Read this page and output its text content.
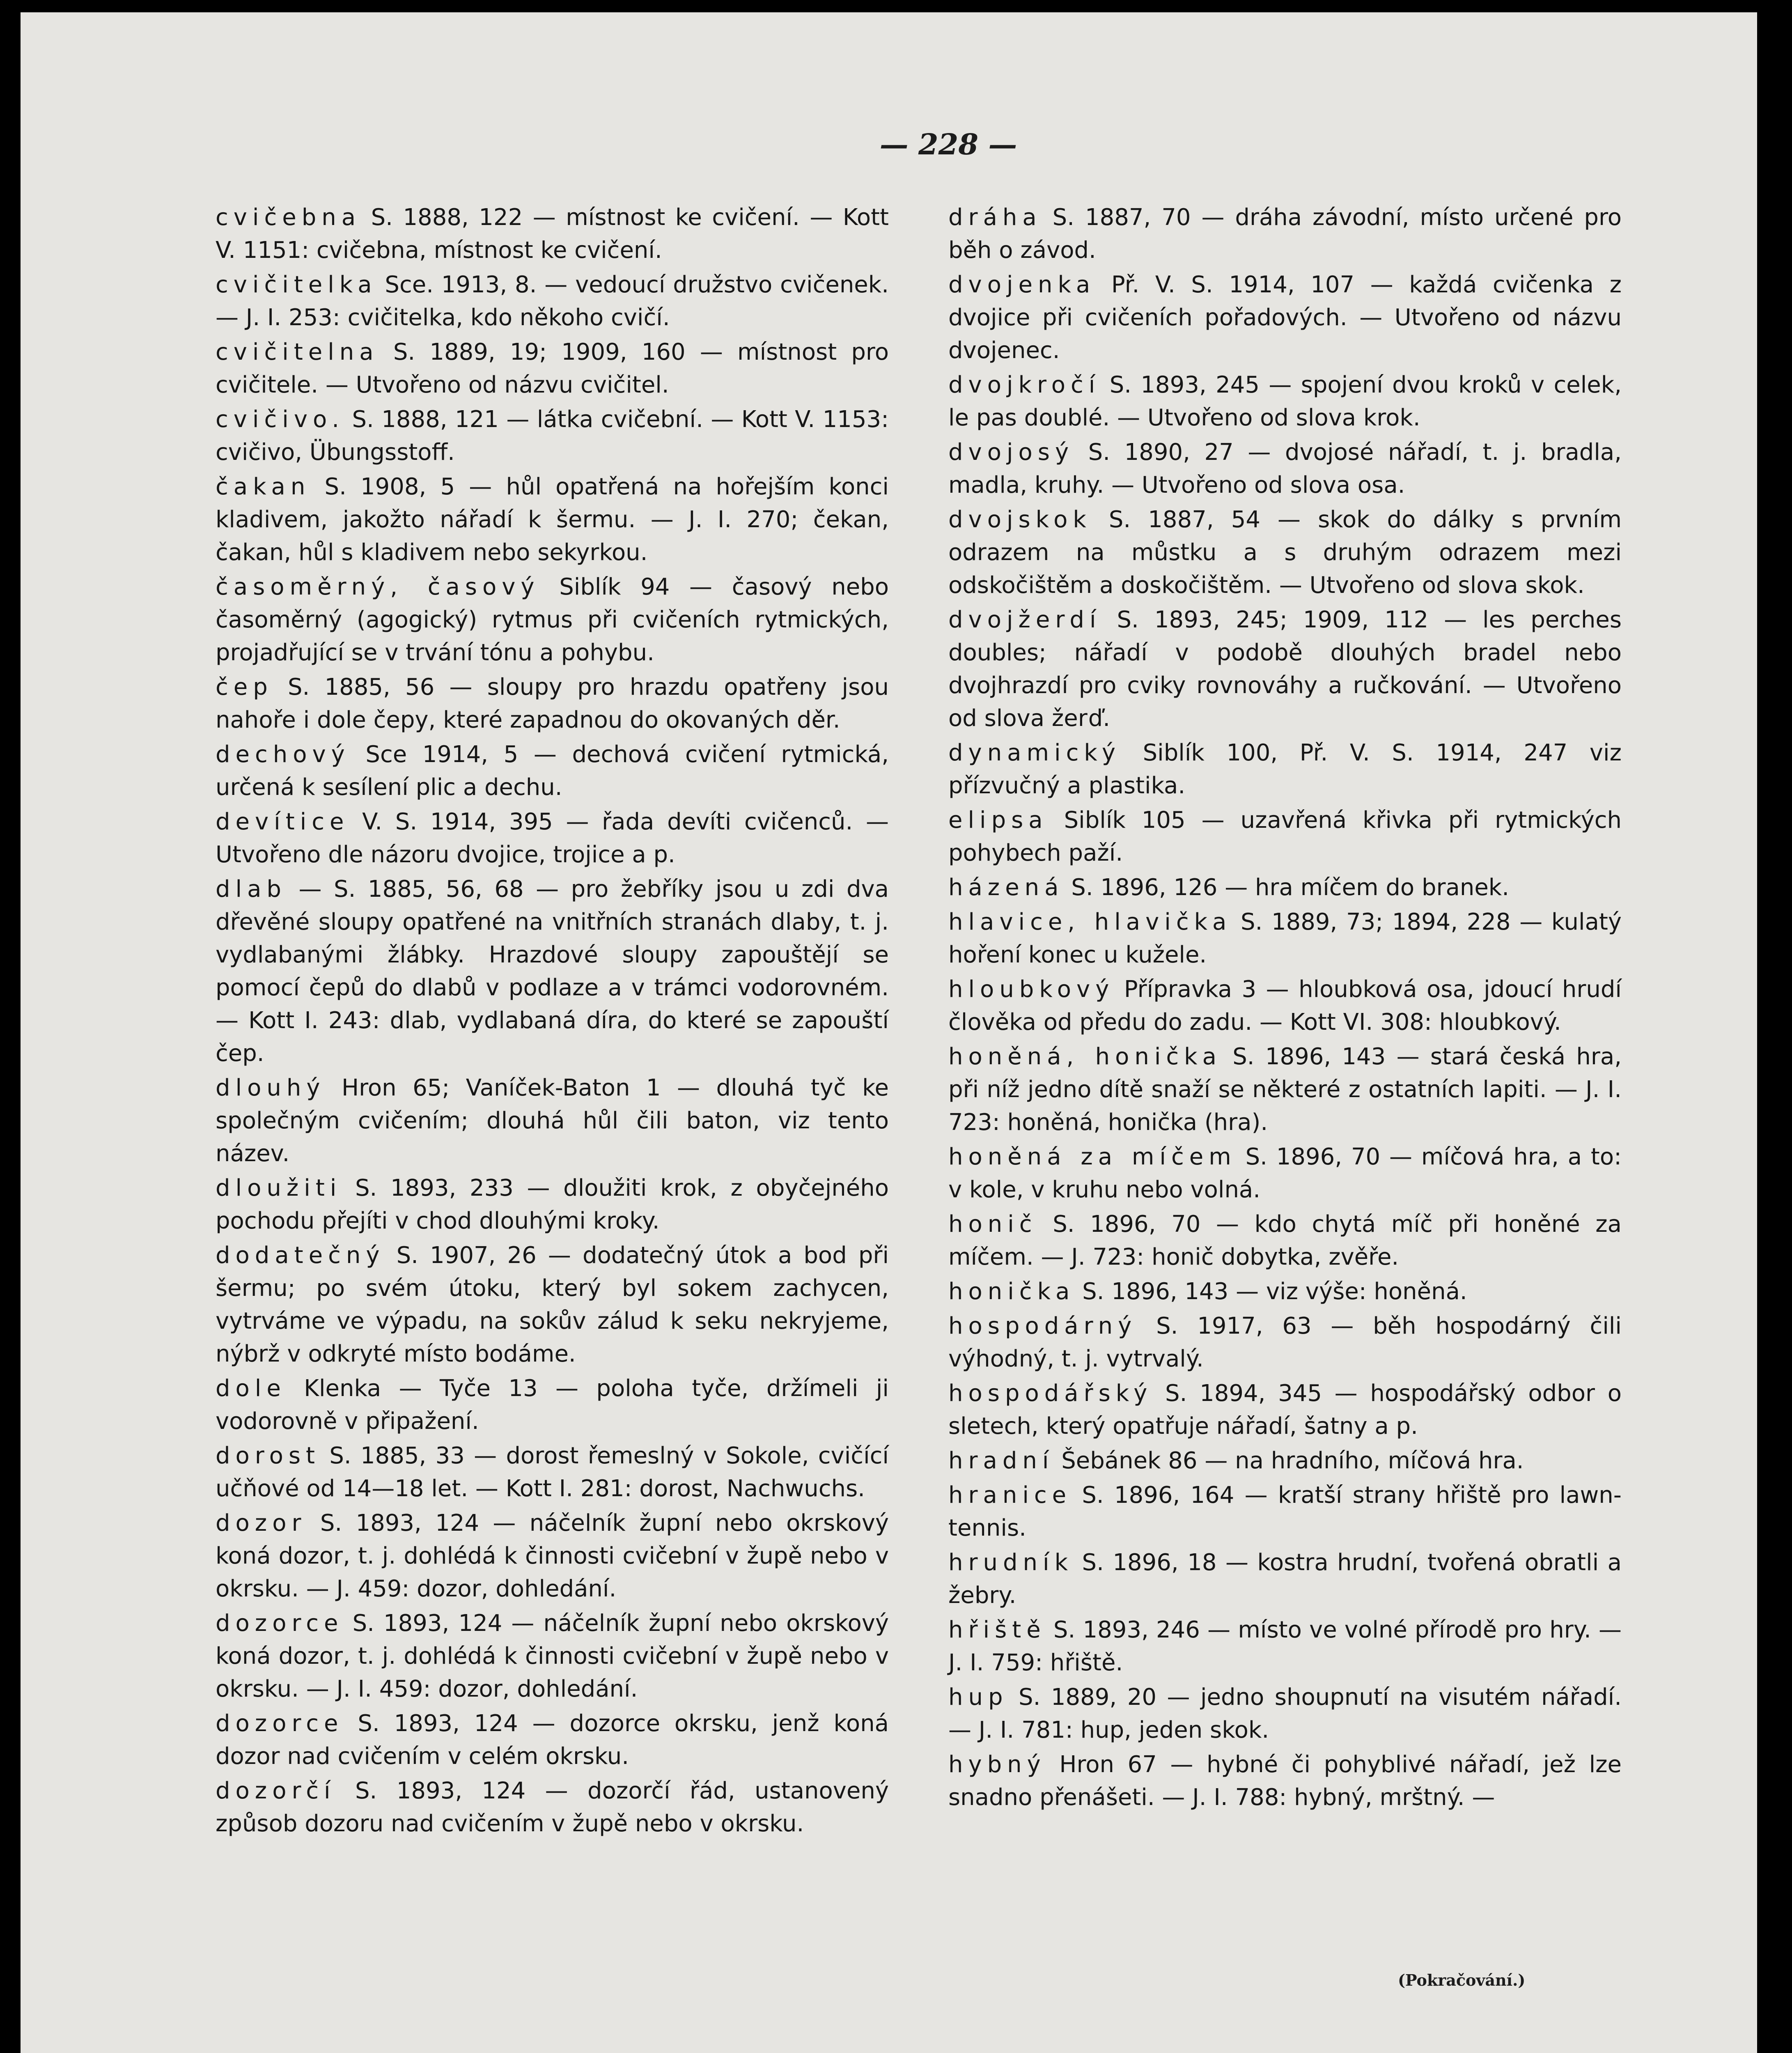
— 228 —

cvičebna S. 1888, 122 — místnost ke cvičení. — Kott V. 1151: cvičebna, místnost ke cvičení.

cvičitelka Sce. 1913, 8. — vedoucí družstvo cvičenek. — J. I. 253: cvičitelka, kdo někoho cvičí.

cvičitelna S. 1889, 19; 1909, 160 — místnost pro cvičitele. — Utvořeno od názvu cvičitel.

cvičivo. S. 1888, 121 — látka cvičební. — Kott V. 1153: cvičivo, Übungsstoff.

čakan S. 1908, 5 — hůl opatřená na hořejším konci kladivem, jakožto nářadí k šermu. — J. I. 270; čekan, čakan, hůl s kladivem nebo sekyrkou.

časoměrný, časový Siblík 94 — časový nebo časoměrný (agogický) rytmus při cvičeních rytmických, projadřující se v trvání tónu a pohybu.

čep S. 1885, 56 — sloupy pro hrazdu opatřeny jsou nahoře i dole čepy, které zapadnou do okovaných děr.

dechový Sce 1914, 5 — dechová cvičení rytmická, určená k sesílení plic a dechu.

devítice V. S. 1914, 395 — řada devíti cvičenců. — Utvořeno dle názoru dvojice, trojice a p.

dlab — S. 1885, 56, 68 — pro žebříky jsou u zdi dva dřevěné sloupy opatřené na vnitřních stranách dlaby, t. j. vydlabanými žlábky. Hrazdové sloupy zapouštějí se pomocí čepů do dlabů v podlaze a v trámci vodorovném. — Kott I. 243: dlab, vydlabaná díra, do které se zapouští čep.

dlouhý Hron 65; Vaníček-Baton 1 — dlouhá tyč ke společným cvičením; dlouhá hůl čili baton, viz tento název.

dloužiti S. 1893, 233 — dloužiti krok, z obyčejného pochodu přejíti v chod dlouhými kroky.

dodatečný S. 1907, 26 — dodatečný útok a bod při šermu; po svém útoku, který byl sokem zachycen, vytrváme ve výpadu, na sokův zálud k seku nekryjeme, nýbrž v odkryté místo bodáme.

dole Klenka — Tyče 13 — poloha tyče, držímeli ji vodorovně v připažení.

dorost S. 1885, 33 — dorost řemeslný v Sokole, cvičící učňové od 14—18 let. — Kott I. 281: dorost, Nachwuchs.

dozor S. 1893, 124 — náčelník župní nebo okrskový koná dozor, t. j. dohlédá k činnosti cvičební v župě nebo v okrsku. — J. 459: dozor, dohledání.

dozorce S. 1893, 124 — náčelník župní nebo okrskový koná dozor, t. j. dohlédá k činnosti cvičební v župě nebo v okrsku. — J. I. 459: dozor, dohledání.

dozorce S. 1893, 124 — dozorce okrsku, jenž koná dozor nad cvičením v celém okrsku.

dozorčí S. 1893, 124 — dozorčí řád, ustanovený způsob dozoru nad cvičením v župě nebo v okrsku.

dráha S. 1887, 70 — dráha závodní, místo určené pro běh o závod.

dvojenka Př. V. S. 1914, 107 — každá cvičenka z dvojice při cvičeních pořadových. — Utvořeno od názvu dvojenec.

dvojkročí S. 1893, 245 — spojení dvou kroků v celek, le pas doublé. — Utvořeno od slova krok.

dvojosý S. 1890, 27 — dvojosé nářadí, t. j. bradla, madla, kruhy. — Utvořeno od slova osa.

dvojskok S. 1887, 54 — skok do dálky s prvním odrazem na můstku a s druhým odrazem mezi odskočištěm a doskočištěm. — Utvořeno od slova skok.

dvojžerdí S. 1893, 245; 1909, 112 — les perches doubles; nářadí v podobě dlouhých bradel nebo dvojhrazdí pro cviky rovnováhy a ručkování. — Utvořeno od slova žerď.

dynamický Siblík 100, Př. V. S. 1914, 247 viz přízvučný a plastika.

elipsa Siblík 105 — uzavřená křivka při rytmických pohybech paží.

házená S. 1896, 126 — hra míčem do branek.

hlavice, hlavička S. 1889, 73; 1894, 228 — kulatý hoření konec u kužele.

hloubkový Přípravka 3 — hloubková osa, jdoucí hrudí člověka od předu do zadu. — Kott VI. 308: hloubkový.

honěná, honička S. 1896, 143 — stará česká hra, při níž jedno dítě snaží se některé z ostatních lapiti. — J. I. 723: honěná, honička (hra).

honěná za míčem S. 1896, 70 — míčová hra, a to: v kole, v kruhu nebo volná.

honič S. 1896, 70 — kdo chytá míč při honěné za míčem. — J. 723: honič dobytka, zvěře.

honička S. 1896, 143 — viz výše: honěná.

hospodárný S. 1917, 63 — běh hospodárný čili výhodný, t. j. vytrvalý.

hospodářský S. 1894, 345 — hospodářský odbor o sletech, který opatřuje nářadí, šatny a p.

hradní Šebánek 86 — na hradního, míčová hra.

hranice S. 1896, 164 — kratší strany hřiště pro lawn-tennis.

hrudník S. 1896, 18 — kostra hrudní, tvořená obratli a žebry.

hřiště S. 1893, 246 — místo ve volné přírodě pro hry. — J. I. 759: hřiště.

hup S. 1889, 20 — jedno shoupnutí na visutém nářadí. — J. I. 781: hup, jeden skok.

hybný Hron 67 — hybné či pohyblivé nářadí, jež lze snadno přenášeti. — J. I. 788: hybný, mrštný. —

(Pokračování.)
